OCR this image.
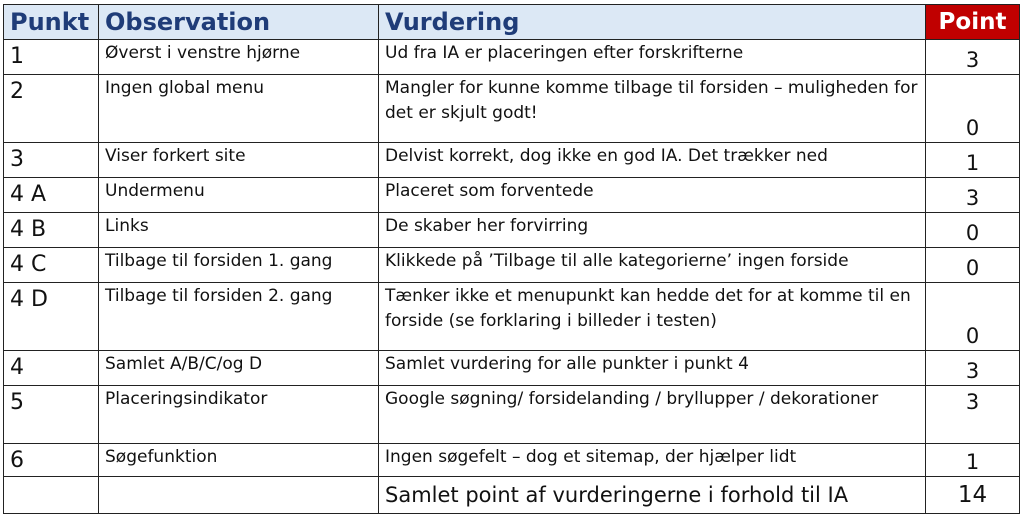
Punkt	Observation	Vurdering	Point
1	Øverst i venstre hjørne	Ud fra IA er placeringen efter forskrifterne	3
2	Ingen global menu	Mangler for kunne komme tilbage til forsiden – muligheden for det er skjult godt!	0
3	Viser forkert site	Delvist korrekt, dog ikke en god IA. Det trækker ned	1
4 A	Undermenu	Placeret som forventede	3
4 B	Links	De skaber her forvirring	0
4 C	Tilbage til forsiden 1. gang	Klikkede på ’Tilbage til alle kategorierne’ ingen forside	0
4 D	Tilbage til forsiden 2. gang	Tænker ikke et menupunkt kan hedde det for at komme til en forside (se forklaring i billeder i testen)	0
4	Samlet A/B/C/og D	Samlet vurdering for alle punkter i punkt 4	3
5	Placeringsindikator	Google søgning/ forsidelanding / bryllupper / dekorationer	3
6	Søgefunktion	Ingen søgefelt – dog et sitemap, der hjælper lidt	1
		Samlet point af vurderingerne i forhold til IA	14
